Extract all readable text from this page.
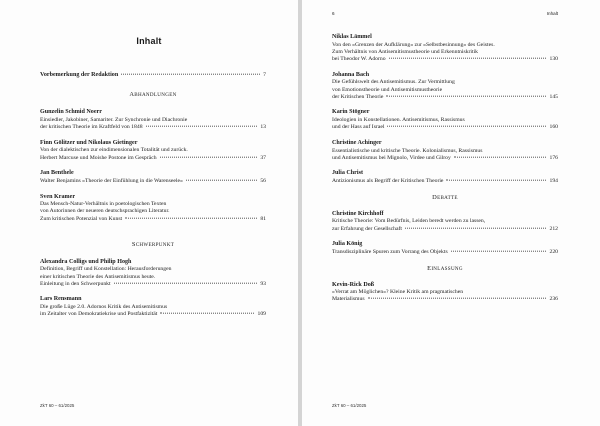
Inhalt
Vorbemerkung der Redaktion	7
ABHANDLUNGEN
Gunzelin Schmid Noerr
Einsiedler, Jakobiner, Samariter. Zur Synchronie und Diachronie
der kritischen Theorie im Kraftfeld von 1848	13
Finn Gölitzer und Nikolaus Gietinger
Von der dialektischen zur eindimensionalen Totalität und zurück.
Herbert Marcuse und Moishe Postone im Gespräch	37
Jan Benthele
Walter Benjamins »Theorie der Einfühlung in die Warenseele«	56
Sven Kramer
Das Mensch-Natur-Verhältnis in poetologischen Texten
von Autorinnen der neueren deutschsprachigen Literatur.
Zum kritischen Potenzial von Kunst	81
SCHWERPUNKT
Alexandra Colligs und Philip Hogh
Definition, Begriff und Konstellation: Herausforderungen
einer kritischen Theorie des Antisemitismus heute.
Einleitung in den Schwerpunkt	93
Lars Rensmann
Die große Lüge 2.0. Adornos Kritik des Antisemitismus
im Zeitalter von Demokratiekrise und Postfaktizität	109
ZkT 60 – 61/2025
6	Inhalt
Niklas Lämmel
Von den »Grenzen der Aufklärung« zur »Selbstbesinnung« des Geistes.
Zum Verhältnis von Antisemitismustheorie und Erkenntniskritik
bei Theodor W. Adorno	130
Johanna Bach
Die Gefühlswelt des Antisemitismus. Zur Vermittlung
von Emotionstheorie und Antisemitismustheorie
der Kritischen Theorie	145
Karin Stögner
Ideologien in Konstellationen. Antisemitismus, Rassismus
und der Hass auf Israel	160
Christine Achinger
Essentialistische und kritische Theorie. Kolonialismus, Rassismus
und Antisemitismus bei Mignolo, Virdee und Gilroy	176
Julia Christ
Antizionismus als Begriff der Kritischen Theorie	194
DEBATTE
Christine Kirchhoff
Kritische Theorie: Vom Bedürfnis, Leiden beredt werden zu lassen,
zur Erfahrung der Gesellschaft	212
Julia König
Transdisziplinäre Spuren zum Vorrang des Objekts	220
EINLASSUNG
Kevin-Rick Doß
»Verrat am Möglichen«? Kleine Kritik am pragmatischen
Materialismus	236
ZkT 60 – 61/2025
